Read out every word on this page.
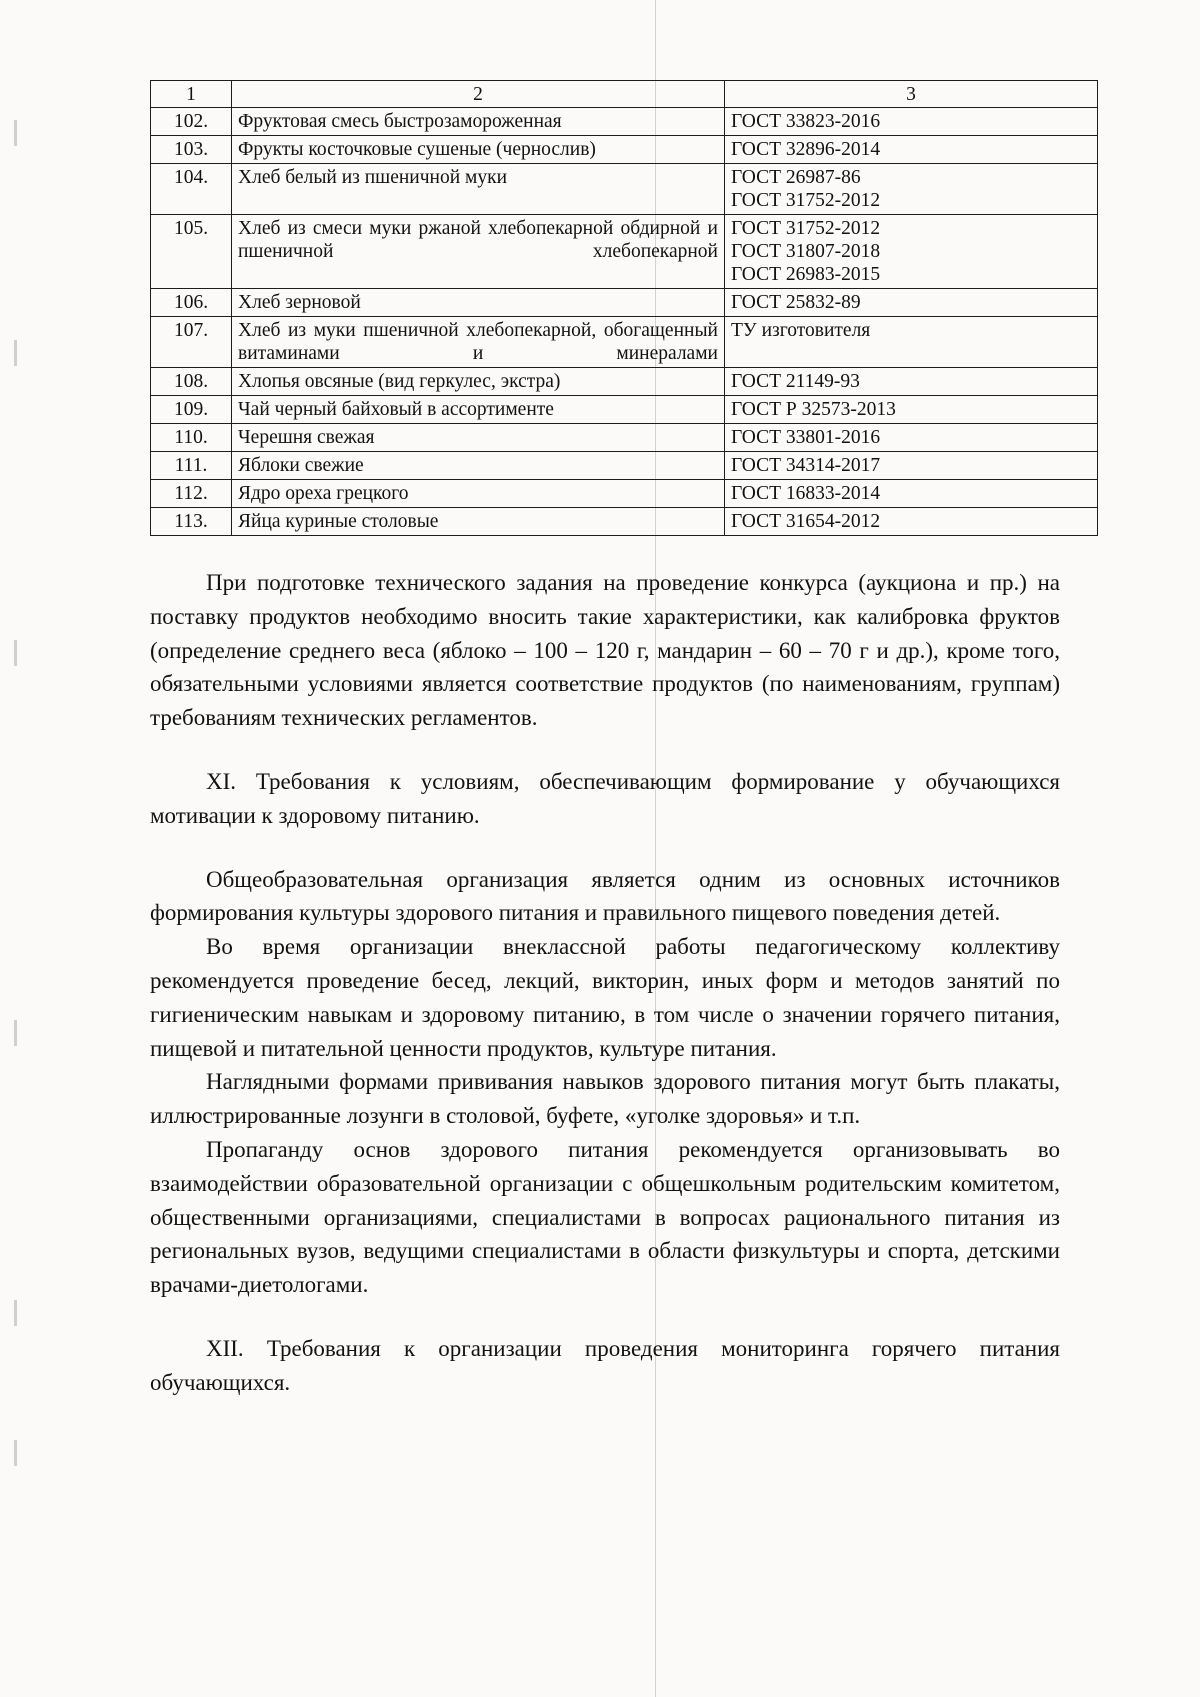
1	2	3
102.	Фруктовая смесь быстрозамороженная	ГОСТ 33823-2016

103.	Фрукты косточковые сушеные (чернослив)	ГОСТ 32896-2014

104.	Хлеб белый из пшеничной муки	ГОСТ 26987-86
ГОСТ 31752-2012

105.	Хлеб из смеси муки ржаной хлебопекарной обдирной и пшеничной хлебопекарной	ГОСТ 31752-2012
ГОСТ 31807-2018
ГОСТ 26983-2015

106.	Хлеб зерновой	ГОСТ 25832-89

107.	Хлеб из муки пшеничной хлебопекарной, обогащенный витаминами и минералами	ТУ изготовителя

108.	Хлопья овсяные (вид геркулес, экстра)	ГОСТ 21149-93

109.	Чай черный байховый в ассортименте	ГОСТ Р 32573-2013

110.	Черешня свежая	ГОСТ 33801-2016

111.	Яблоки свежие	ГОСТ 34314-2017

112.	Ядро ореха грецкого	ГОСТ 16833-2014

113.	Яйца куриные столовые	ГОСТ 31654-2012

При подготовке технического задания на проведение конкурса (аукциона и пр.) на поставку продуктов необходимо вносить такие характеристики, как калибровка фруктов (определение среднего веса (яблоко – 100 – 120 г, мандарин – 60 – 70 г и др.), кроме того, обязательными условиями является соответствие продуктов (по наименованиям, группам) требованиям технических регламентов.

XI. Требования к условиям, обеспечивающим формирование у обучающихся мотивации к здоровому питанию.

Общеобразовательная организация является одним из основных источников формирования культуры здорового питания и правильного пищевого поведения детей.

Во время организации внеклассной работы педагогическому коллективу рекомендуется проведение бесед, лекций, викторин, иных форм и методов занятий по гигиеническим навыкам и здоровому питанию, в том числе о значении горячего питания, пищевой и питательной ценности продуктов, культуре питания.

Наглядными формами прививания навыков здорового питания могут быть плакаты, иллюстрированные лозунги в столовой, буфете, «уголке здоровья» и т.п.

Пропаганду основ здорового питания рекомендуется организовывать во взаимодействии образовательной организации с общешкольным родительским комитетом, общественными организациями, специалистами в вопросах рационального питания из региональных вузов, ведущими специалистами в области физкультуры и спорта, детскими врачами-диетологами.

XII. Требования к организации проведения мониторинга горячего питания обучающихся.
